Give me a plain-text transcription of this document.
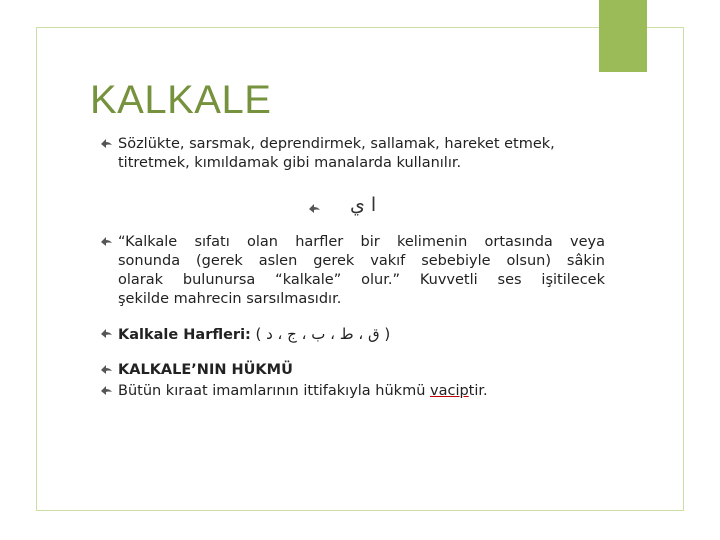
KALKALE
Sözlükte, sarsmak, deprendirmek, sallamak, hareket etmek,
titretmek, kımıldamak gibi manalarda kullanılır.
ا ي
“Kalkale sıfatı olan harfler bir kelimenin ortasında veya
sonunda (gerek aslen gerek vakıf sebebiyle olsun) sâkin
olarak bulunursa “kalkale” olur.” Kuvvetli ses işitilecek
şekilde mahrecin sarsılmasıdır.
Kalkale Harfleri: ( ق ، ط ، ب ، ج ، د )
KALKALE’NIN HÜKMÜ
Bütün kıraat imamlarının ittifakıyla hükmü vaciptir.
